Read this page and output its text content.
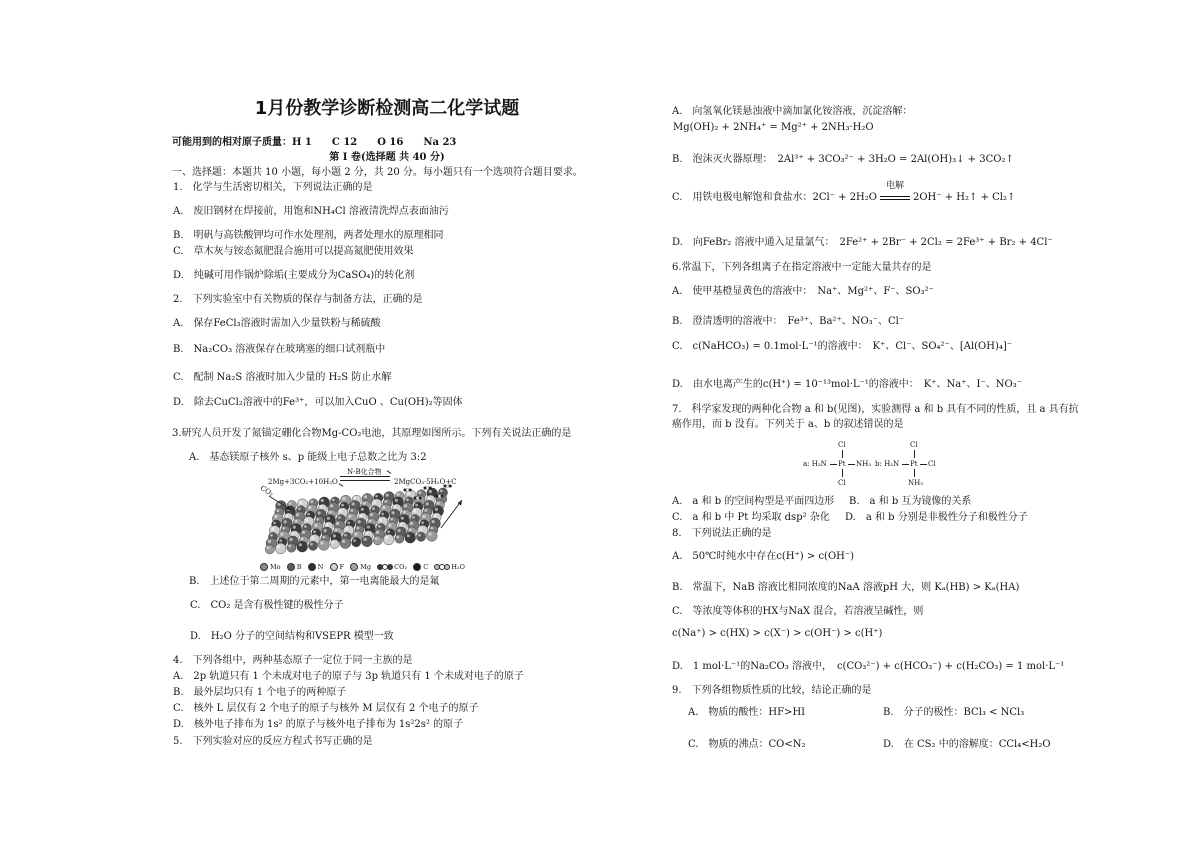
1月份教学诊断检测高二化学试题
可能用到的相对原子质量：H 1　　C 12　　O 16　　Na 23
第 I 卷(选择题 共 40 分)
一、选择题：本题共 10 小题，每小题 2 分，共 20 分。每小题只有一个选项符合题目要求。
1.　化学与生活密切相关，下列说法正确的是
A.　废旧钢材在焊接前，用饱和NH₄Cl 溶液清洗焊点表面油污
B.　明矾与高铁酸钾均可作水处理剂，两者处理水的原理相同
C.　草木灰与铵态氮肥混合施用可以提高氮肥使用效果
D.　纯碱可用作锅炉除垢(主要成分为CaSO₄)的转化剂
2.　下列实验室中有关物质的保存与制备方法，正确的是
A.　保存FeCl₃溶液时需加入少量铁粉与稀硫酸
B.　Na₂CO₃ 溶液保存在玻璃塞的细口试剂瓶中
C.　配制 Na₂S 溶液时加入少量的 H₂S 防止水解
D.　除去CuCl₂溶液中的Fe³⁺，可以加入CuO 、Cu(OH)₂等固体
3.研究人员开发了氮锚定硼化合物Mg-CO₂电池，其原理如图所示。下列有关说法正确的是
A.　基态镁原子核外 s、p 能级上电子总数之比为 3:2
2Mg+3CO₂+10H₂O
N-B化合物
2MgCO₃·5H₂O+C
CO₂
Mo B N F Mg	CO₂ C	H₂O
B.　上述位于第二周期的元素中，第一电离能最大的是氟
C.　CO₂ 是含有极性键的极性分子
D.　H₂O 分子的空间结构和VSEPR 模型一致
4.　下列各组中，两种基态原子一定位于同一主族的是
A.　2p 轨道只有 1 个未成对电子的原子与 3p 轨道只有 1 个未成对电子的原子
B.　最外层均只有 1 个电子的两种原子
C.　核外 L 层仅有 2 个电子的原子与核外 M 层仅有 2 个电子的原子
D.　核外电子排布为 1s² 的原子与核外电子排布为 1s²2s² 的原子
5.　下列实验对应的反应方程式书写正确的是
A.　向氢氧化镁悬浊液中滴加氯化铵溶液，沉淀溶解：
Mg(OH)₂ + 2NH₄⁺ = Mg²⁺ + 2NH₃·H₂O
B.　泡沫灭火器原理：　2Al³⁺ + 3CO₃²⁻ + 3H₂O = 2Al(OH)₃↓ + 3CO₂↑
C.　用铁电极电解饱和食盐水：2Cl⁻ + 2H₂O
电解
2OH⁻ + H₂↑ + Cl₂↑
D.　向FeBr₂ 溶液中通入足量氯气：　2Fe²⁺ + 2Br⁻ + 2Cl₂ = 2Fe³⁺ + Br₂ + 4Cl⁻
6.常温下，下列各组离子在指定溶液中一定能大量共存的是
A.　使甲基橙显黄色的溶液中：　Na⁺、Mg²⁺、F⁻、SO₃²⁻
B.　澄清透明的溶液中：　Fe³⁺、Ba²⁺、NO₃⁻、Cl⁻
C.　c(NaHCO₃) = 0.1mol·L⁻¹的溶液中：　K⁺、Cl⁻、SO₄²⁻、[Al(OH)₄]⁻
D.　由水电离产生的c(H⁺) = 10⁻¹³mol·L⁻¹的溶液中：　K⁺、Na⁺、I⁻、NO₃⁻
7.　科学家发现的两种化合物 a 和 b(见图)，实验测得 a 和 b 具有不同的性质，且 a 具有抗
癌作用，而 b 没有。下列关于 a、b 的叙述错误的是
Cl
a: H₃N Pt NH₃
Cl
Cl
b: H₃N Pt Cl
NH₃
A.　a 和 b 的空间构型是平面四边形 B.　a 和 b 互为镜像的关系
C.　a 和 b 中 Pt 均采取 dsp² 杂化 D.　a 和 b 分别是非极性分子和极性分子
8.　下列说法正确的是
A.　50℃时纯水中存在c(H⁺) > c(OH⁻)
B.　常温下，NaB 溶液比相同浓度的NaA 溶液pH 大，则 Kₐ(HB) > Kₐ(HA)
C.　等浓度等体积的HX与NaX 混合，若溶液呈碱性，则
c(Na⁺) > c(HX) > c(X⁻) > c(OH⁻) > c(H⁺)
D.　1 mol·L⁻¹的Na₂CO₃ 溶液中，　c(CO₃²⁻) + c(HCO₃⁻) + c(H₂CO₃) = 1 mol·L⁻¹
9.　下列各组物质性质的比较，结论正确的是
A.　物质的酸性：HF>HI	B.　分子的极性：BCl₃ < NCl₃
C.　物质的沸点：CO<N₂	D.　在 CS₂ 中的溶解度：CCl₄<H₂O
